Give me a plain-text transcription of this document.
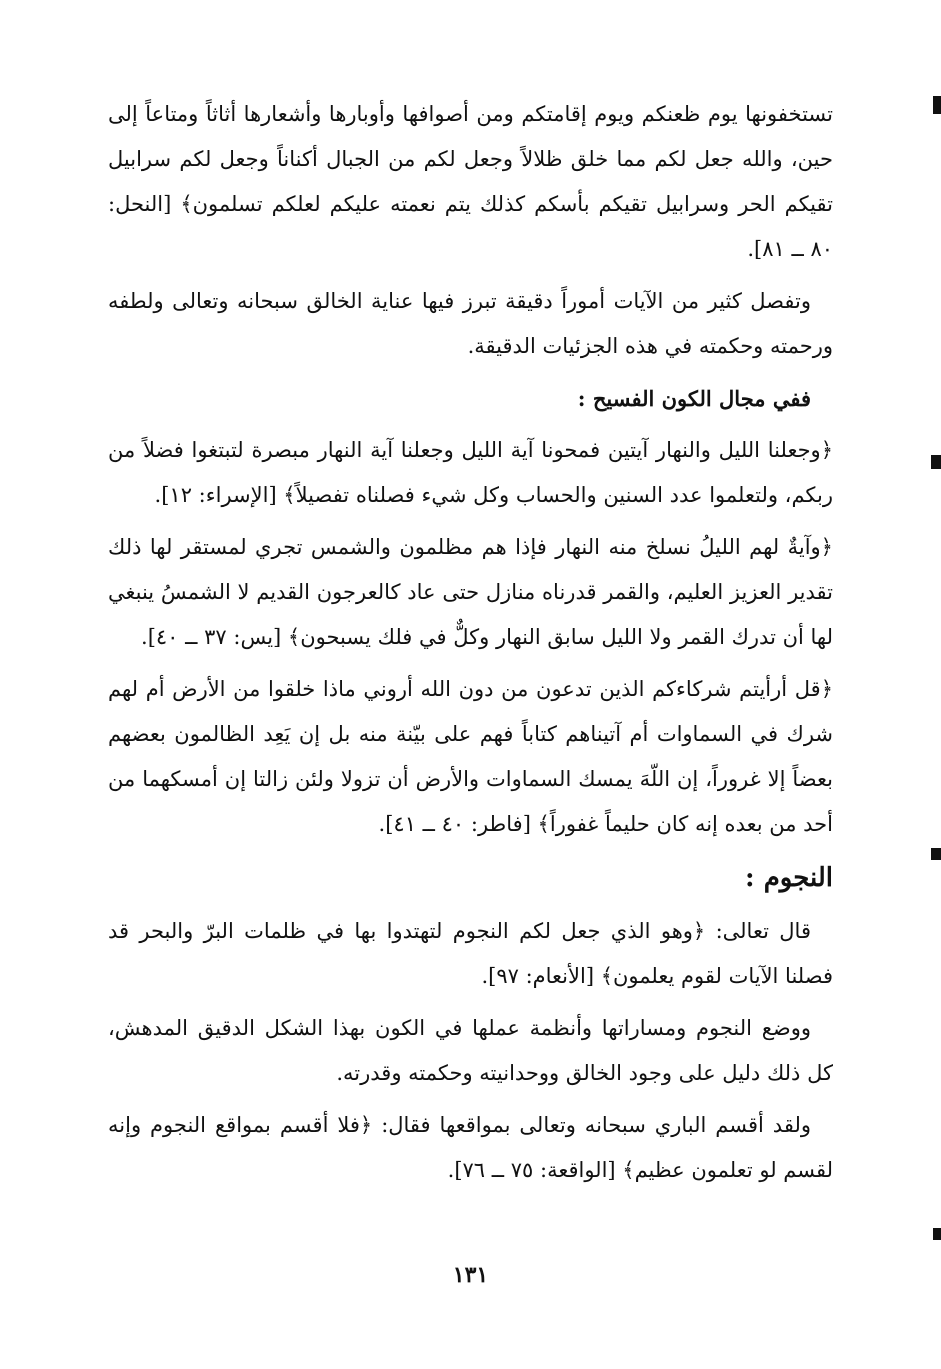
تستخفونها يوم ظعنكم ويوم إقامتكم ومن أصوافها وأوبارها وأشعارها أثاثاً ومتاعاً إلى حين، والله جعل لكم مما خلق ظلالاً وجعل لكم من الجبال أكناناً وجعل لكم سرابيل تقيكم الحر وسرابيل تقيكم بأسكم كذلك يتم نعمته عليكم لعلكم تسلمون﴾ [النحل: ٨٠ ــ ٨١].

وتفصل كثير من الآيات أموراً دقيقة تبرز فيها عناية الخالق سبحانه وتعالى ولطفه ورحمته وحكمته في هذه الجزئيات الدقيقة.

ففي مجال الكون الفسيح :

﴿وجعلنا الليل والنهار آيتين فمحونا آية الليل وجعلنا آية النهار مبصرة لتبتغوا فضلاً من ربكم، ولتعلموا عدد السنين والحساب وكل شيء فصلناه تفصيلاً﴾ [الإسراء: ١٢].

﴿وآيةٌ لهم الليلُ نسلخ منه النهار فإذا هم مظلمون والشمس تجري لمستقر لها ذلك تقدير العزيز العليم، والقمر قدرناه منازل حتى عاد كالعرجون القديم لا الشمسُ ينبغي لها أن تدرك القمر ولا الليل سابق النهار وكلٌّ في فلك يسبحون﴾ [يس: ٣٧ ــ ٤٠].

﴿قل أرأيتم شركاءكم الذين تدعون من دون الله أروني ماذا خلقوا من الأرض أم لهم شرك في السماوات أم آتيناهم كتاباً فهم على بيّنة منه بل إن يَعِد الظالمون بعضهم بعضاً إلا غروراً، إن اللّهَ يمسك السماوات والأرض أن تزولا ولئن زالتا إن أمسكهما من أحد من بعده إنه كان حليماً غفوراً﴾ [فاطر: ٤٠ ــ ٤١].

النجوم :

قال تعالى: ﴿وهو الذي جعل لكم النجوم لتهتدوا بها في ظلمات البرّ والبحر قد فصلنا الآيات لقوم يعلمون﴾ [الأنعام: ٩٧].

ووضع النجوم ومساراتها وأنظمة عملها في الكون بهذا الشكل الدقيق المدهش، كل ذلك دليل على وجود الخالق ووحدانيته وحكمته وقدرته.

ولقد أقسم الباري سبحانه وتعالى بمواقعها فقال: ﴿فلا أقسم بمواقع النجوم وإنه لقسم لو تعلمون عظيم﴾ [الواقعة: ٧٥ ــ ٧٦].

١٣١
